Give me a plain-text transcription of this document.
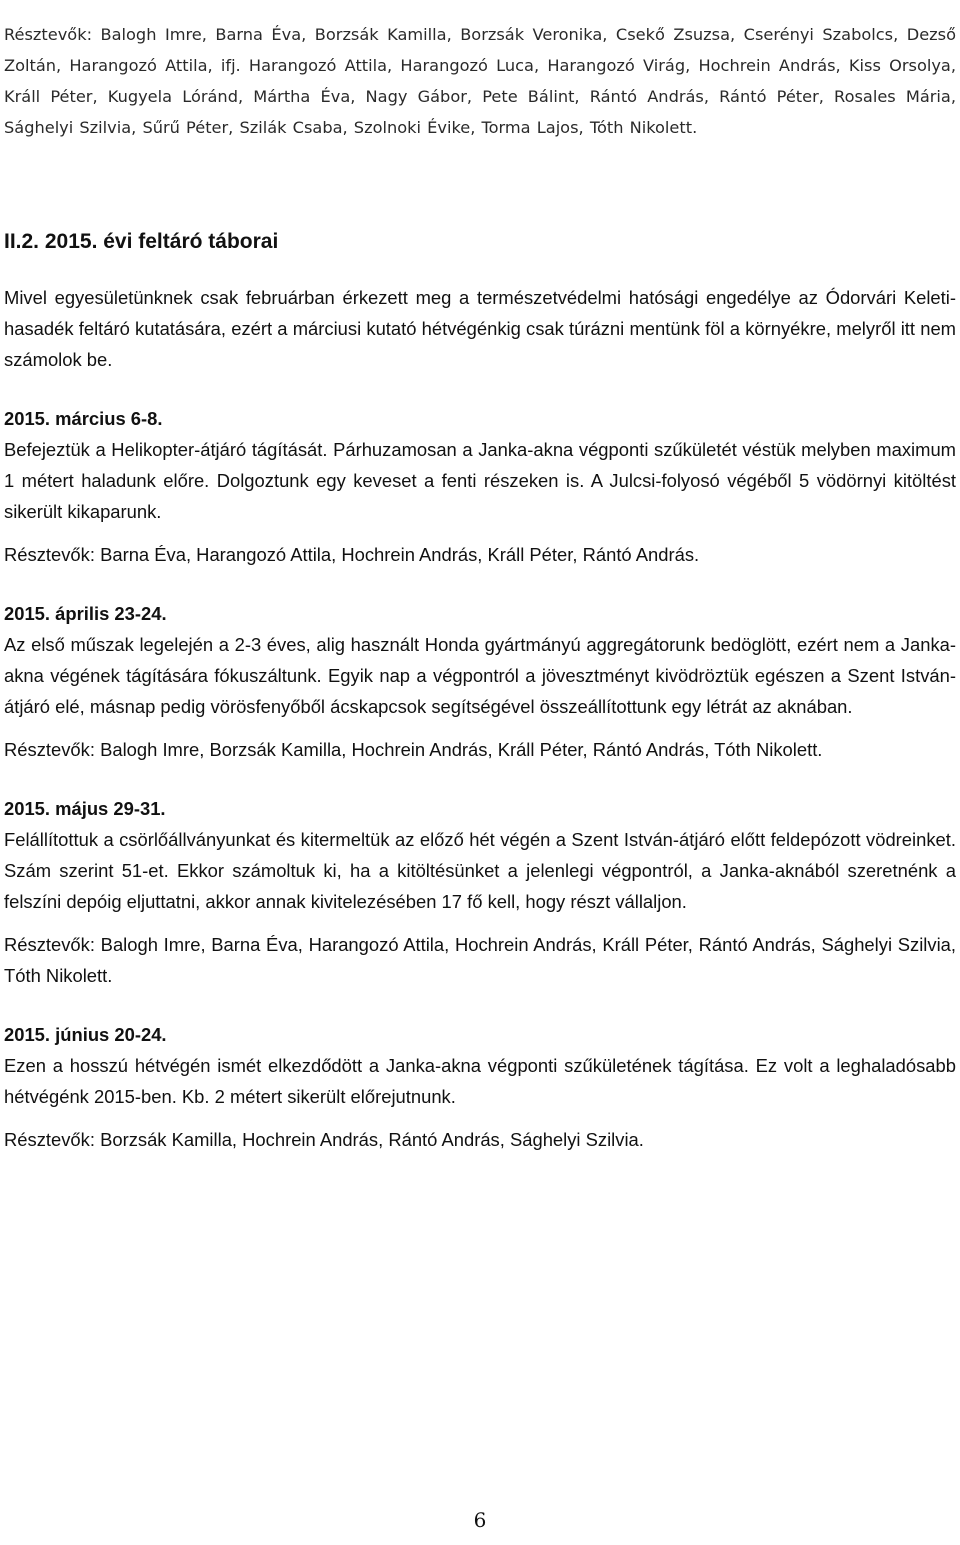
Résztevők: Balogh Imre, Barna Éva, Borzsák Kamilla, Borzsák Veronika, Csekő Zsuzsa, Cserényi Szabolcs, Dezső Zoltán, Harangozó Attila, ifj. Harangozó Attila, Harangozó Luca, Harangozó Virág, Hochrein András, Kiss Orsolya, Králl Péter, Kugyela Lóránd, Mártha Éva, Nagy Gábor, Pete Bálint, Rántó András, Rántó Péter, Rosales Mária, Sághelyi Szilvia, Sűrű Péter, Szilák Csaba, Szolnoki Évike, Torma Lajos, Tóth Nikolett.

II.2. 2015. évi feltáró táborai

Mivel egyesületünknek csak februárban érkezett meg a természetvédelmi hatósági engedélye az Ódorvári Keleti-hasadék feltáró kutatására, ezért a márciusi kutató hétvégénkig csak túrázni mentünk föl a környékre, melyről itt nem számolok be.

2015. március 6-8.

Befejeztük a Helikopter-átjáró tágítását. Párhuzamosan a Janka-akna végponti szűkületét véstük melyben maximum 1 métert haladunk előre. Dolgoztunk egy keveset a fenti részeken is. A Julcsi-folyosó végéből 5 vödörnyi kitöltést sikerült kikaparunk.

Résztevők: Barna Éva, Harangozó Attila, Hochrein András, Králl Péter, Rántó András.

2015. április 23-24.

Az első műszak legelején a 2-3 éves, alig használt Honda gyártmányú aggregátorunk bedöglött, ezért nem a Janka-akna végének tágítására fókuszáltunk. Egyik nap a végpontról a jövesztményt kivödröztük egészen a Szent István-átjáró elé, másnap pedig vörösfenyőből ácskapcsok segítségével összeállítottunk egy létrát az aknában.

Résztevők: Balogh Imre, Borzsák Kamilla, Hochrein András, Králl Péter, Rántó András, Tóth Nikolett.

2015. május 29-31.

Felállítottuk a csörlőállványunkat és kitermeltük az előző hét végén a Szent István-átjáró előtt feldepózott vödreinket. Szám szerint 51-et. Ekkor számoltuk ki, ha a kitöltésünket a jelenlegi végpontról, a Janka-aknából szeretnénk a felszíni depóig eljuttatni, akkor annak kivitelezésében 17 fő kell, hogy részt vállaljon.

Résztevők: Balogh Imre, Barna Éva, Harangozó Attila, Hochrein András, Králl Péter, Rántó András, Sághelyi Szilvia, Tóth Nikolett.

2015. június 20-24.

Ezen a hosszú hétvégén ismét elkezdődött a Janka-akna végponti szűkületének tágítása. Ez volt a leghaladósabb hétvégénk 2015-ben. Kb. 2 métert sikerült előrejutnunk.

Résztevők: Borzsák Kamilla, Hochrein András, Rántó András, Sághelyi Szilvia.

6
